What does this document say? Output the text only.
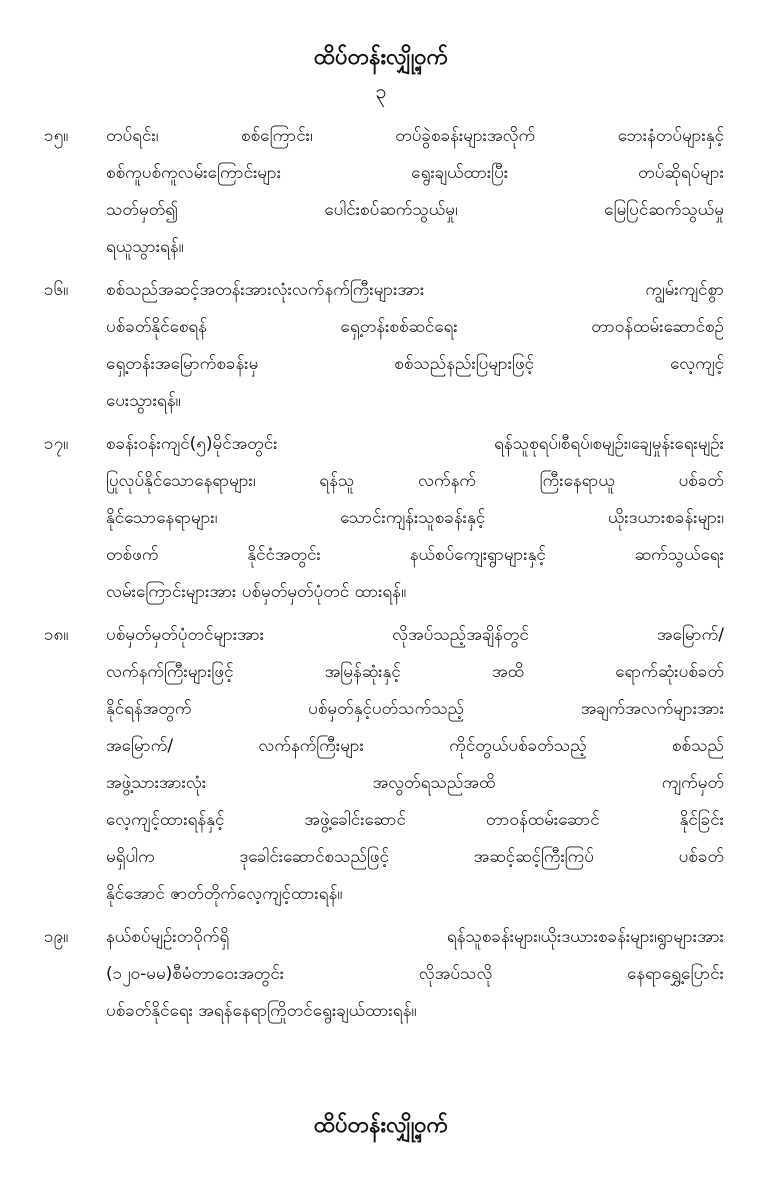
ထိပ်တန်းလျှို့ဝှက်
၃
၁၅။ တပ်ရင်း၊ စစ်ကြောင်း၊ တပ်ခွဲစခန်းများအလိုက် ဘေးနံတပ်များနှင့်
စစ်ကူပစ်ကူလမ်းကြောင်းများ ရွေးချယ်ထားပြီး တပ်ဆိုရပ်များ
သတ်မှတ်၍ ပေါင်းစပ်ဆက်သွယ်မှု၊ မြေပြင်ဆက်သွယ်မှု
ရယူသွားရန်။
၁၆။ စစ်သည်အဆင့်အတန်းအားလုံးလက်နက်ကြီးများအား ကျွမ်းကျင်စွာ
ပစ်ခတ်နိုင်စေရန် ရှေ့တန်းစစ်ဆင်ရေး တာဝန်ထမ်းဆောင်စဉ်
ရှေ့တန်းအမြောက်စခန်းမှ စစ်သည်နည်းပြများဖြင့် လေ့ကျင့်
ပေးသွားရန်။
၁၇။ စခန်းဝန်းကျင်(၅)မိုင်အတွင်း ရန်သူစုရပ်၊စီရပ်၊စမျဉ်း၊ချေမှုန်းရေးမျဉ်း
ပြုလုပ်နိုင်သောနေရာများ၊ ရန်သူ လက်နက် ကြီးနေရာယူ ပစ်ခတ်
နိုင်သောနေရာများ၊ သောင်းကျန်းသူစခန်းနှင့် ယိုးဒယားစခန်းများ၊
တစ်ဖက် နိုင်ငံအတွင်း နယ်စပ်ကျေးရွာများနှင့် ဆက်သွယ်ရေး
လမ်းကြောင်းများအား ပစ်မှတ်မှတ်ပုံတင် ထားရန်။
၁၈။ ပစ်မှတ်မှတ်ပုံတင်များအား လိုအပ်သည့်အချိန်တွင် အမြောက်/
လက်နက်ကြီးများဖြင့် အမြန်ဆုံးနှင့် အထိ ရောက်ဆုံးပစ်ခတ်
နိုင်ရန်အတွက် ပစ်မှတ်နှင့်ပတ်သက်သည့် အချက်အလက်များအား
အမြောက်/ လက်နက်ကြီးများ ကိုင်တွယ်ပစ်ခတ်သည့် စစ်သည်
အဖွဲ့သားအားလုံး အလွတ်ရသည်အထိ ကျက်မှတ်
လေ့ကျင့်ထားရန်နှင့် အဖွဲ့ခေါင်းဆောင် တာဝန်ထမ်းဆောင် နိုင်ခြင်း
မရှိပါက ဒုခေါင်းဆောင်စသည်ဖြင့် အဆင့်ဆင့်ကြီးကြပ် ပစ်ခတ်
နိုင်အောင် ဇာတ်တိုက်လေ့ကျင့်ထားရန်။
၁၉။ နယ်စပ်မျဉ်းတဝိုက်ရှိ ရန်သူစခန်းများ၊ယိုးဒယားစခန်းများ၊ရွာများအား
(၁၂၀-မမ)စီမံတာဝေးအတွင်း လိုအပ်သလို နေရာရွှေ့ပြောင်း
ပစ်ခတ်နိုင်ရေး အရန်နေရာကြိုတင်ရွေးချယ်ထားရန်။
ထိပ်တန်းလျှို့ဝှက်
